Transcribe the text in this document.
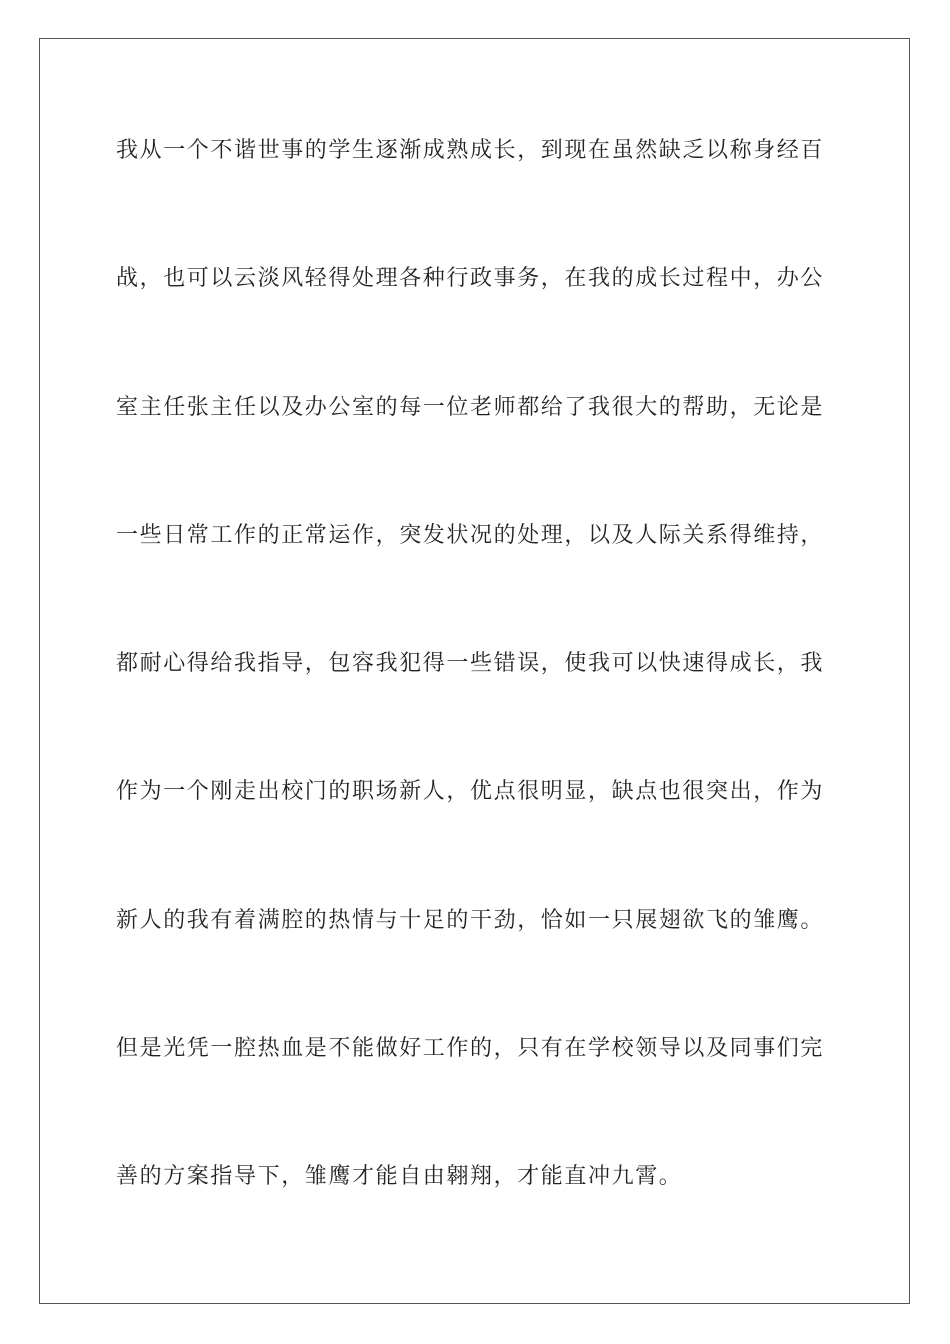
我从一个不谐世事的学生逐渐成熟成长，到现在虽然缺乏以称身经百
战，也可以云淡风轻得处理各种行政事务，在我的成长过程中，办公
室主任张主任以及办公室的每一位老师都给了我很大的帮助，无论是
一些日常工作的正常运作，突发状况的处理，以及人际关系得维持，
都耐心得给我指导，包容我犯得一些错误，使我可以快速得成长，我
作为一个刚走出校门的职场新人，优点很明显，缺点也很突出，作为
新人的我有着满腔的热情与十足的干劲，恰如一只展翅欲飞的雏鹰。
但是光凭一腔热血是不能做好工作的，只有在学校领导以及同事们完
善的方案指导下，雏鹰才能自由翱翔，才能直冲九霄。
